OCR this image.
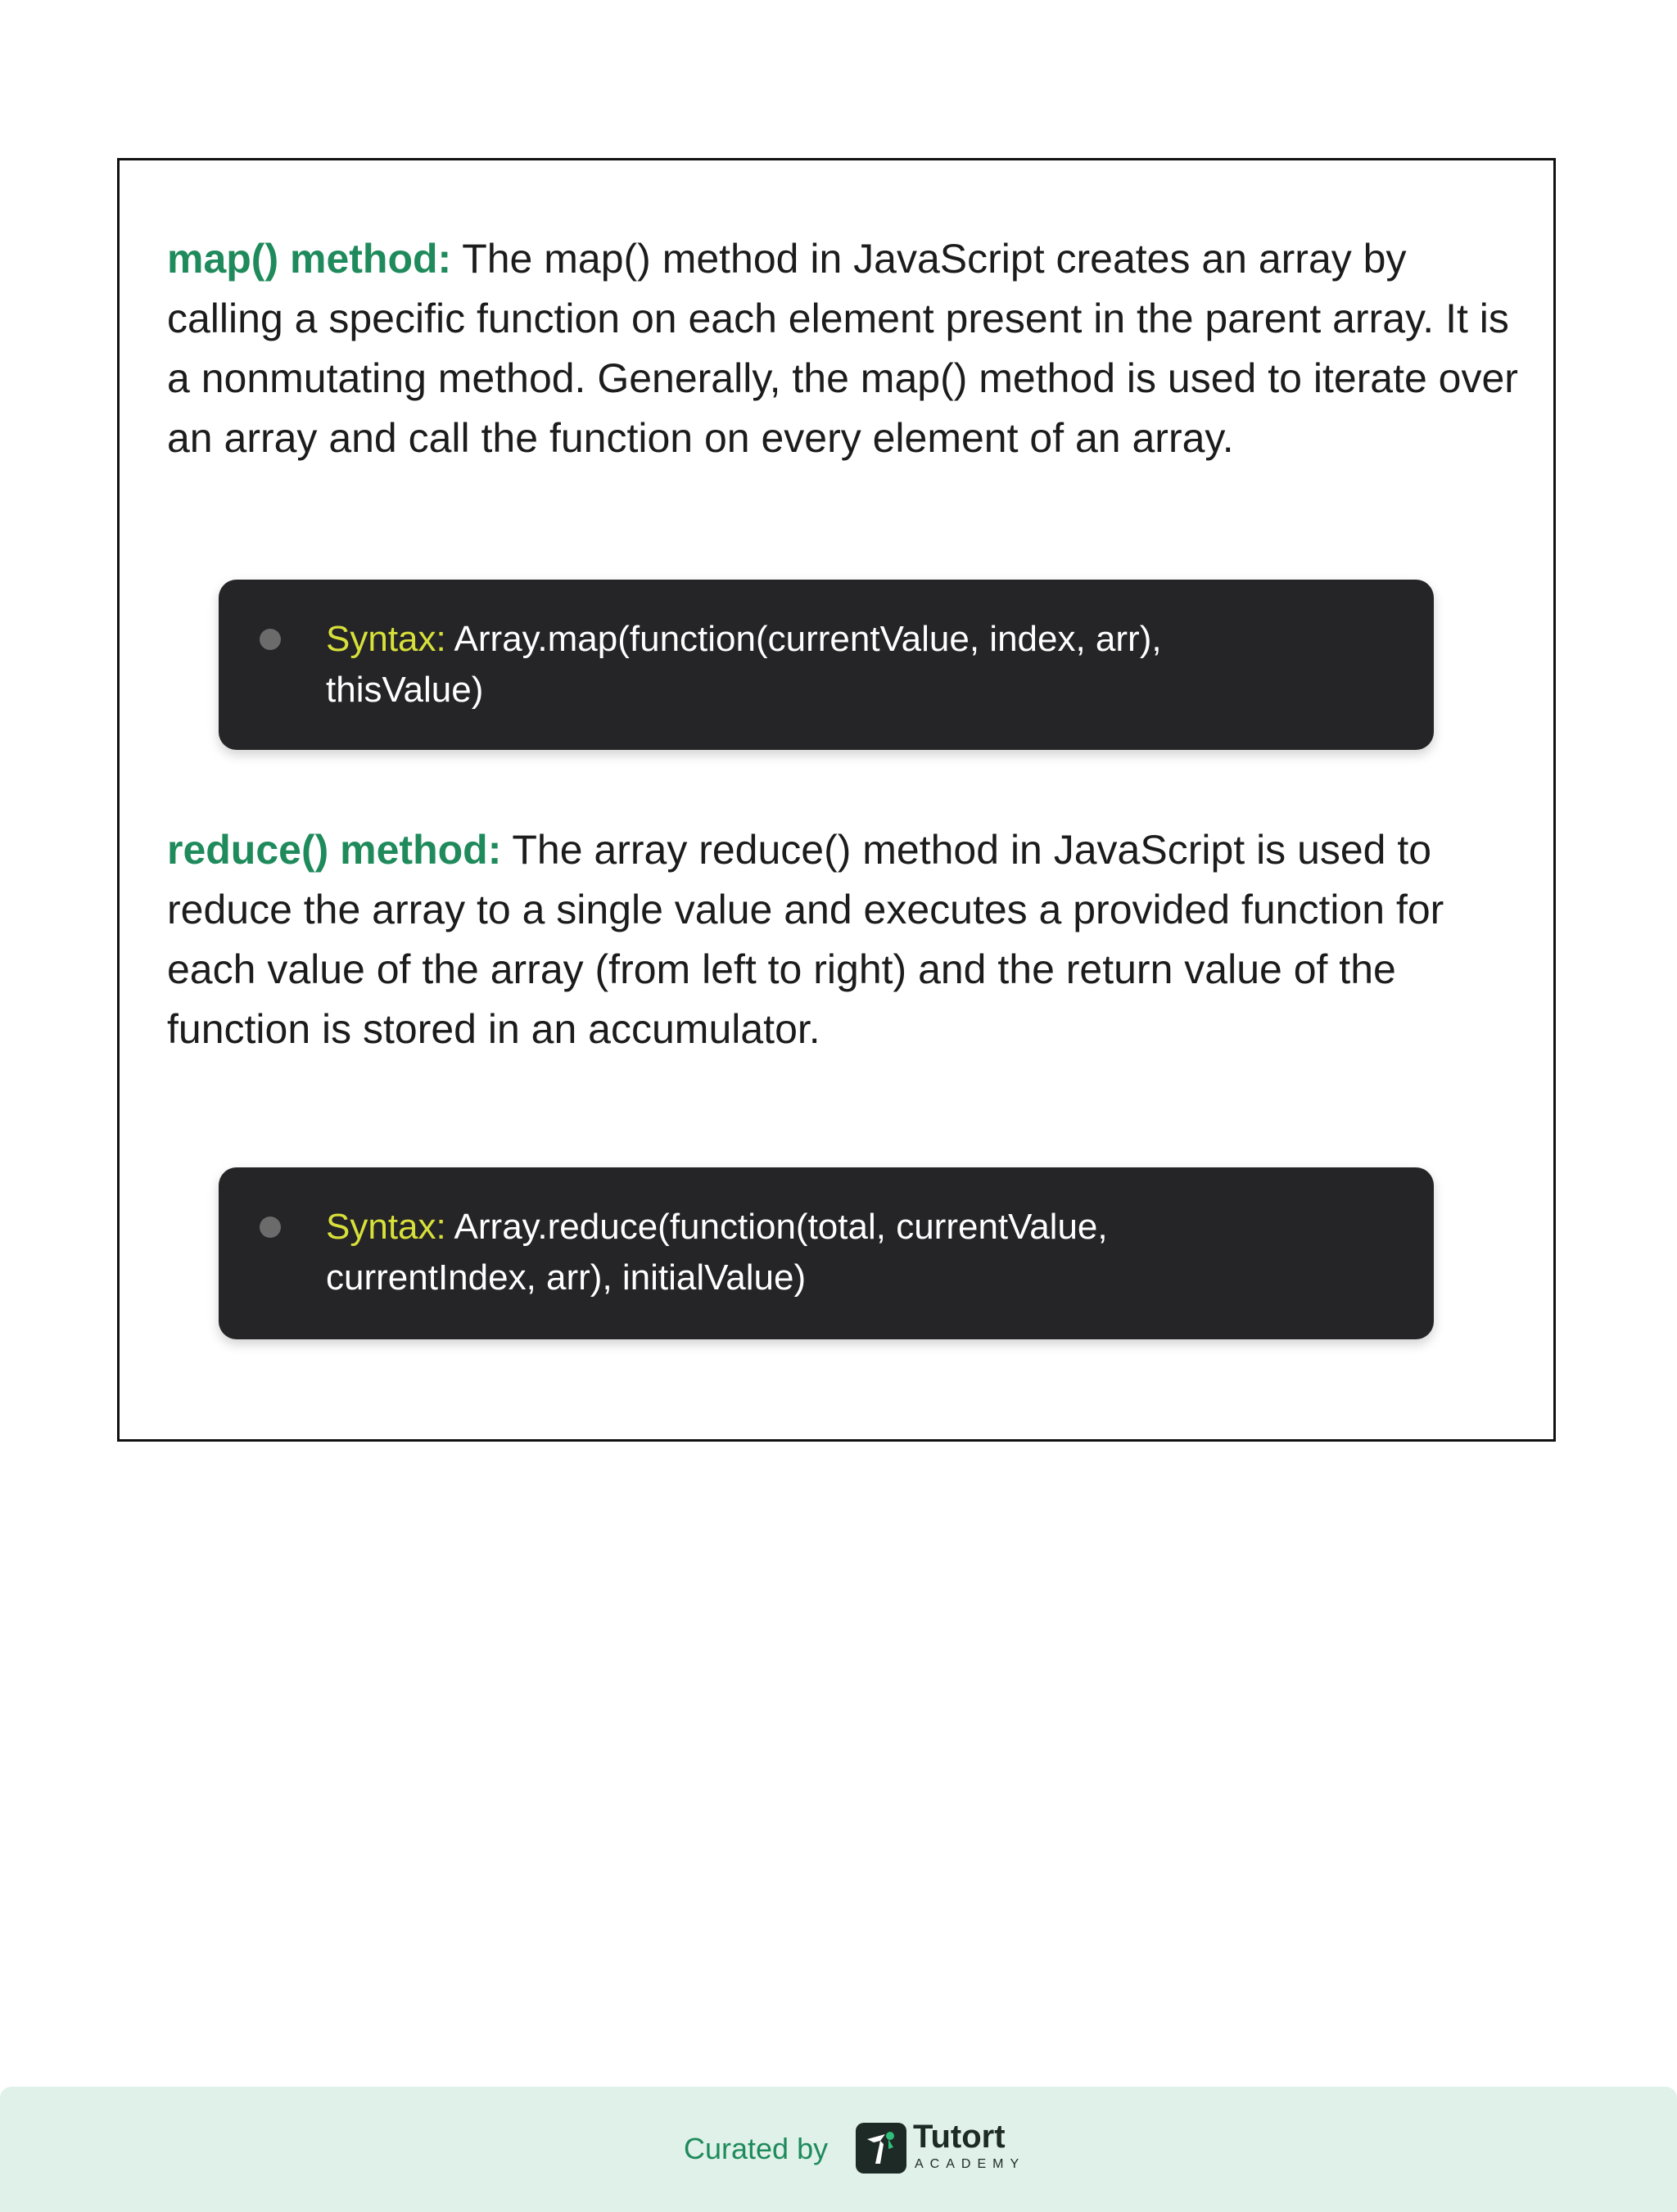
map() method: The map() method in JavaScript creates an array by calling a specific function on each element present in the parent array. It is a nonmutating method. Generally, the map() method is used to iterate over an array and call the function on every element of an array.

Syntax: Array.map(function(currentValue, index, arr), thisValue)

reduce() method: The array reduce() method in JavaScript is used to reduce the array to a single value and executes a provided function for each value of the array (from left to right) and the return value of the function is stored in an accumulator.

Syntax: Array.reduce(function(total, currentValue, currentIndex, arr), initialValue)

Curated by	Tutort
ACADEMY
